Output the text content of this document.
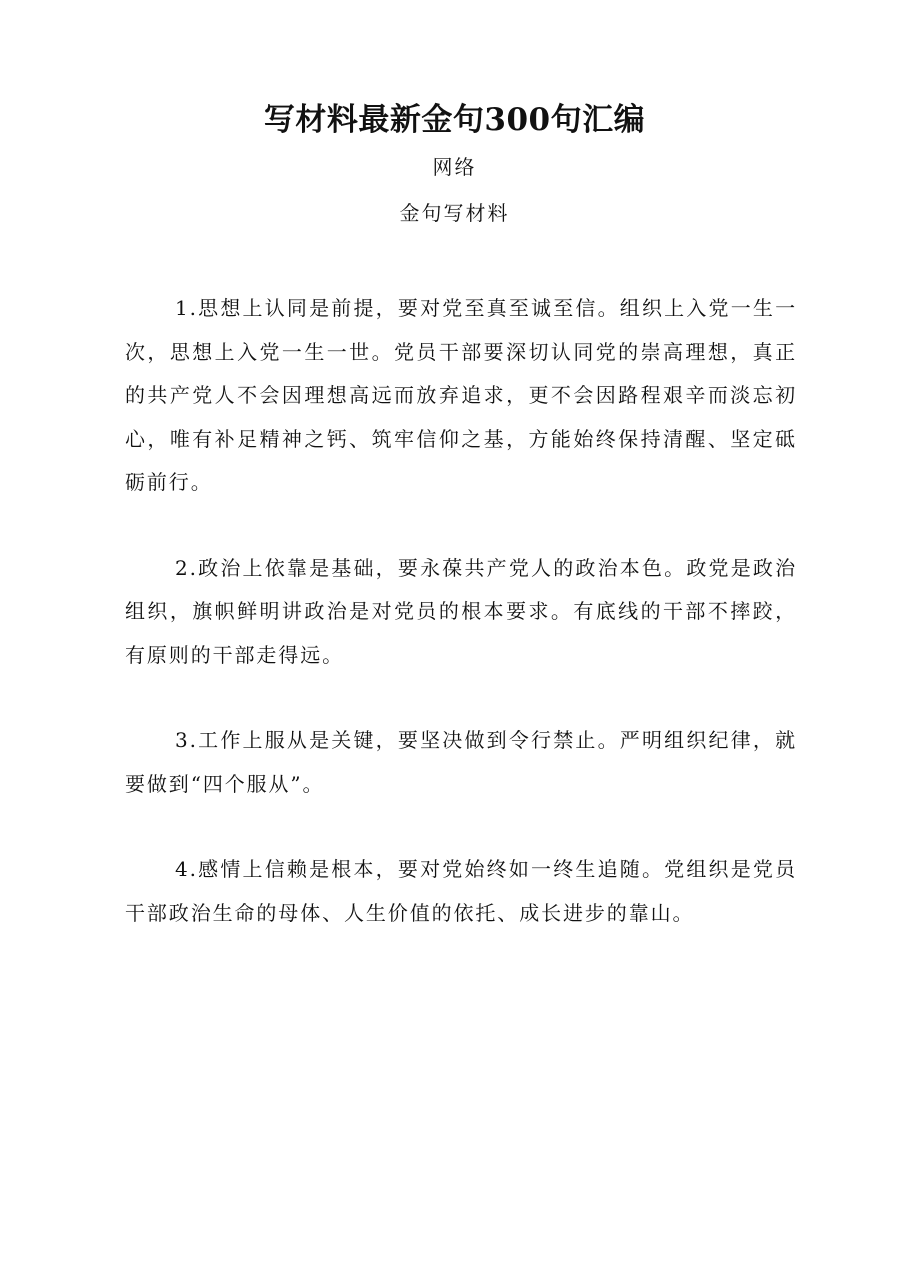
写材料最新金句300句汇编
网络
金句写材料

1.思想上认同是前提，要对党至真至诚至信。组织上入党一生一次，思想上入党一生一世。党员干部要深切认同党的崇高理想，真正的共产党人不会因理想高远而放弃追求，更不会因路程艰辛而淡忘初心，唯有补足精神之钙、筑牢信仰之基，方能始终保持清醒、坚定砥砺前行。

2.政治上依靠是基础，要永葆共产党人的政治本色。政党是政治组织，旗帜鲜明讲政治是对党员的根本要求。有底线的干部不摔跤，有原则的干部走得远。

3.工作上服从是关键，要坚决做到令行禁止。严明组织纪律，就要做到“四个服从”。

4.感情上信赖是根本，要对党始终如一终生追随。党组织是党员干部政治生命的母体、人生价值的依托、成长进步的靠山。
